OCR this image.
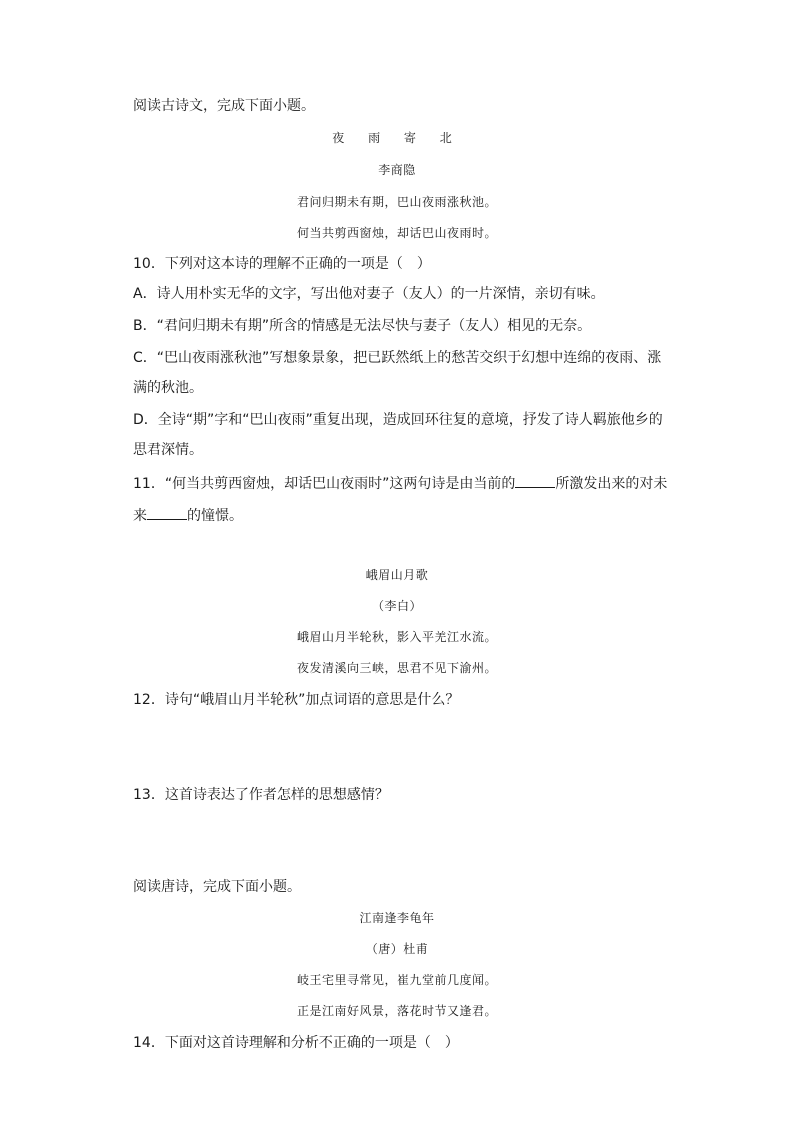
阅读古诗文，完成下面小题。
夜 雨 寄 北
李商隐
君问归期未有期，巴山夜雨涨秋池。
何当共剪西窗烛，却话巴山夜雨时。
10．下列对这本诗的理解不正确的一项是（　）
A．诗人用朴实无华的文字，写出他对妻子（友人）的一片深情，亲切有味。
B．“君问归期未有期”所含的情感是无法尽快与妻子（友人）相见的无奈。
C．“巴山夜雨涨秋池”写想象景象，把已跃然纸上的愁苦交织于幻想中连绵的夜雨、涨
满的秋池。
D．全诗“期”字和“巴山夜雨”重复出现，造成回环往复的意境，抒发了诗人羁旅他乡的
思君深情。
11．“何当共剪西窗烛，却话巴山夜雨时”这两句诗是由当前的	所激发出来的对未
来	的憧憬。
峨眉山月歌
（李白）
峨眉山月半轮秋，影入平羌江水流。
夜发清溪向三峡，思君不见下渝州。
12．诗句“峨眉山月半轮秋”加点词语的意思是什么？
13．这首诗表达了作者怎样的思想感情？
阅读唐诗，完成下面小题。
江南逢李龟年
（唐）杜甫
岐王宅里寻常见，崔九堂前几度闻。
正是江南好风景，落花时节又逢君。
14．下面对这首诗理解和分析不正确的一项是（　）
